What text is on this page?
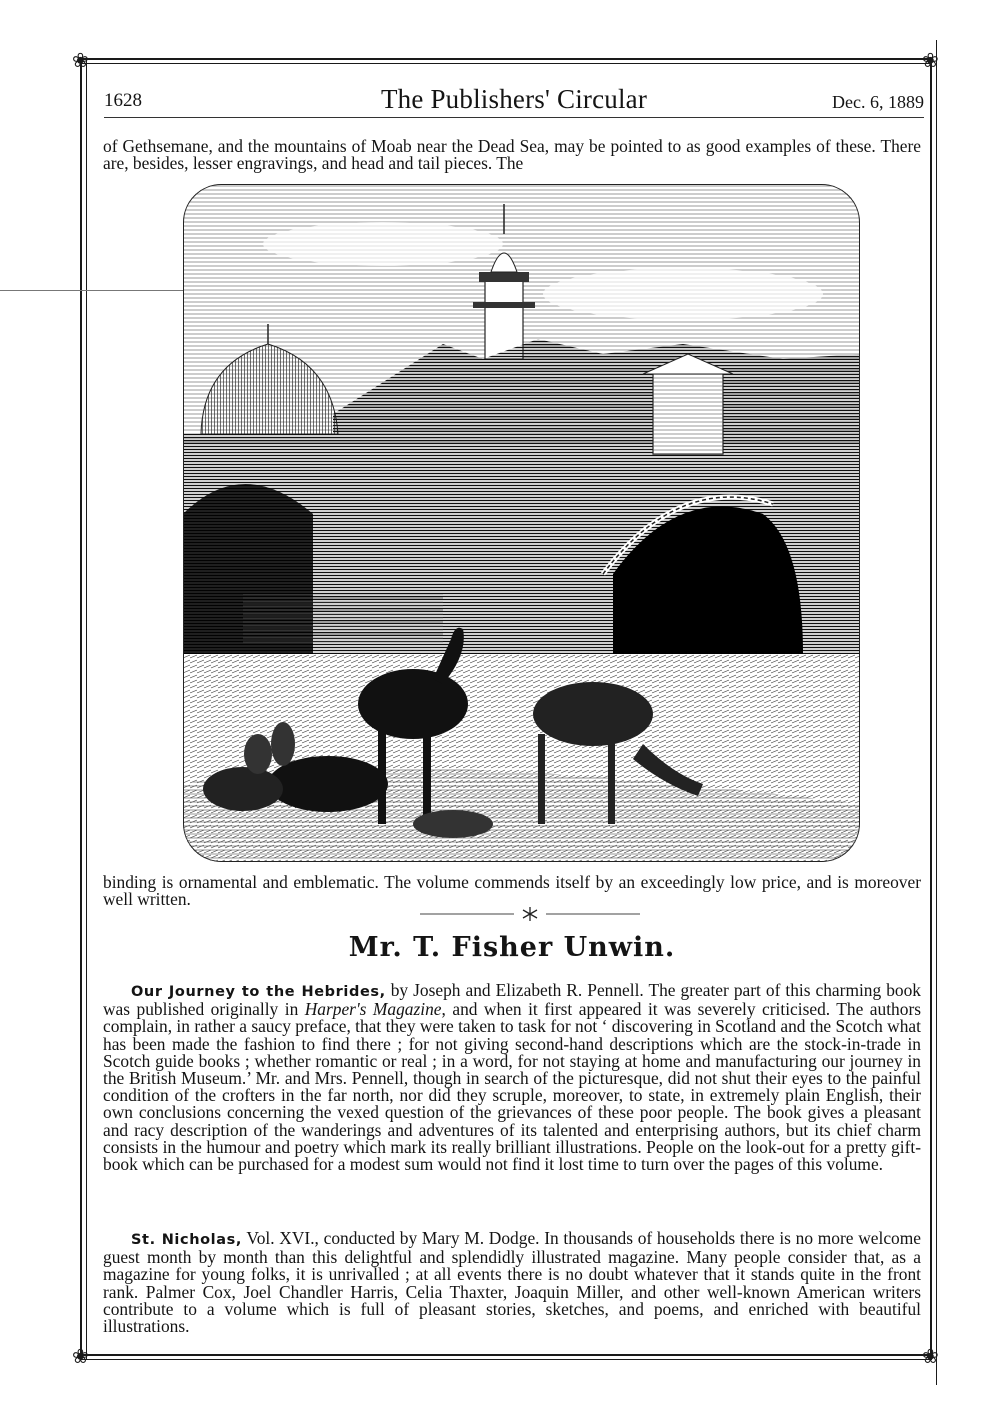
❀	❀
❀	❀
1628	The Publishers' Circular	Dec. 6, 1889

of Gethsemane, and the mountains of Moab near the Dead Sea, may be pointed to as good examples of these. There are, besides, lesser engravings, and head and tail pieces. The

binding is ornamental and emblematic. The volume commends itself by an exceedingly low price, and is moreover well written.

Mr. T. Fisher Unwin.

Our Journey to the Hebrides, by Joseph and Elizabeth R. Pennell. The greater part of this charming book was published originally in Harper's Magazine, and when it first appeared it was severely criticised. The authors complain, in rather a saucy preface, that they were taken to task for not ‘ discovering in Scotland and the Scotch what has been made the fashion to find there ; for not giving second-hand descriptions which are the stock-in-trade in Scotch guide books ; whether romantic or real ; in a word, for not staying at home and manufacturing our journey in the British Museum.’ Mr. and Mrs. Pennell, though in search of the picturesque, did not shut their eyes to the painful condition of the crofters in the far north, nor did they scruple, moreover, to state, in extremely plain English, their own conclusions concerning the vexed question of the grievances of these poor people. The book gives a pleasant and racy description of the wanderings and adventures of its talented and enterprising authors, but its chief charm consists in the humour and poetry which mark its really brilliant illustrations. People on the look-out for a pretty gift-book which can be purchased for a modest sum would not find it lost time to turn over the pages of this volume.

St. Nicholas, Vol. XVI., conducted by Mary M. Dodge. In thousands of households there is no more welcome guest month by month than this delightful and splendidly illustrated magazine. Many people consider that, as a magazine for young folks, it is unrivalled ; at all events there is no doubt whatever that it stands quite in the front rank. Palmer Cox, Joel Chandler Harris, Celia Thaxter, Joaquin Miller, and other well-known American writers contribute to a volume which is full of pleasant stories, sketches, and poems, and enriched with beautiful illustrations.
